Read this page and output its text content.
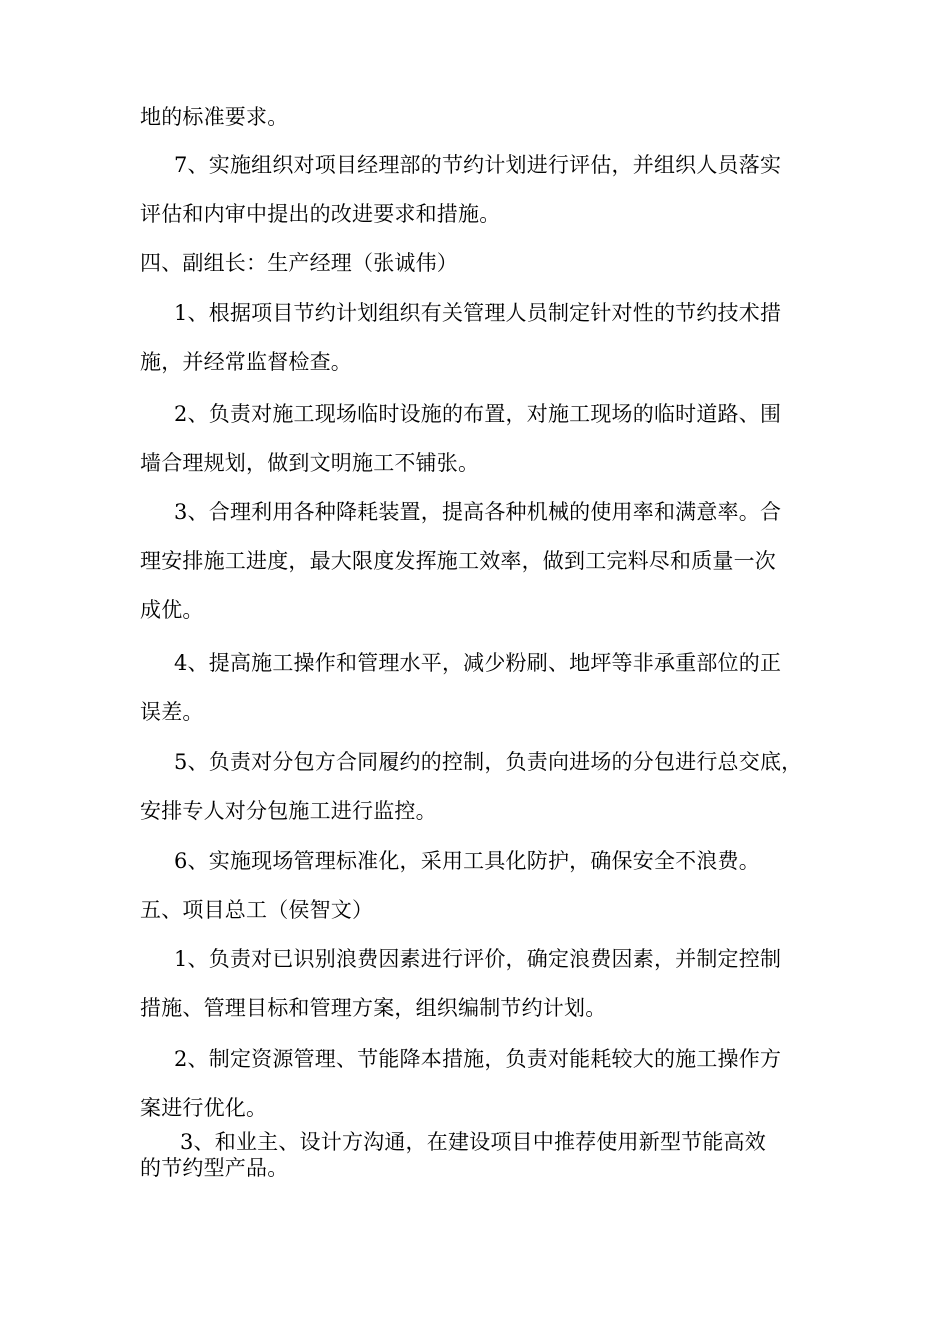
地的标准要求。
7、实施组织对项目经理部的节约计划进行评估，并组织人员落实
评估和内审中提出的改进要求和措施。
四、副组长：生产经理（张诚伟）
1、根据项目节约计划组织有关管理人员制定针对性的节约技术措
施，并经常监督检查。
2、负责对施工现场临时设施的布置，对施工现场的临时道路、围
墙合理规划，做到文明施工不铺张。
3、合理利用各种降耗装置，提高各种机械的使用率和满意率。合
理安排施工进度，最大限度发挥施工效率，做到工完料尽和质量一次
成优。
4、提高施工操作和管理水平，减少粉刷、地坪等非承重部位的正
误差。
5、负责对分包方合同履约的控制，负责向进场的分包进行总交底，
安排专人对分包施工进行监控。
6、实施现场管理标准化，采用工具化防护，确保安全不浪费。
五、项目总工（侯智文）
1、负责对已识别浪费因素进行评价，确定浪费因素，并制定控制
措施、管理目标和管理方案，组织编制节约计划。
2、制定资源管理、节能降本措施，负责对能耗较大的施工操作方
案进行优化。
3、和业主、设计方沟通，在建设项目中推荐使用新型节能高效
的节约型产品。
